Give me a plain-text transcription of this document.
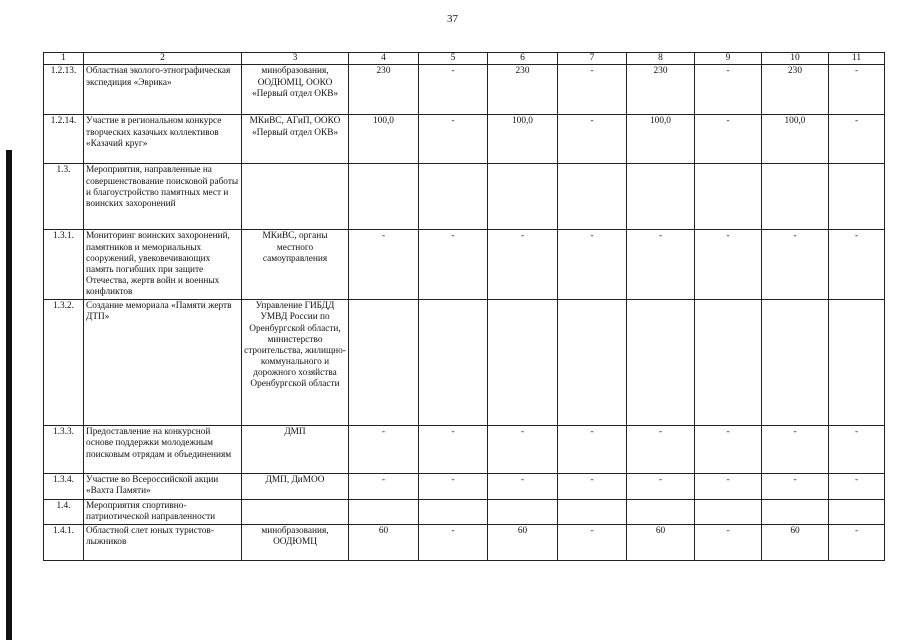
37
1	2	3	4	5	6	7	8	9	10	11
1.2.13.	Областная эколого-этнографическая экспедиция «Эврика»	минобразования, ООДЮМЦ, ООКО «Первый отдел ОКВ»	230	-	230	-	230	-	230	-
1.2.14.	Участие в региональном конкурсе творческих казачьих коллективов «Казачий круг»	МКиВС, АГиП, ООКО «Первый отдел ОКВ»	100,0	-	100,0	-	100,0	-	100,0	-
1.3.	Мероприятия, направленные на совершенствование поисковой работы и благоустройство памятных мест и воинских захоронений									
1.3.1.	Мониторинг воинских захоронений, памятников и мемориальных сооружений, увековечивающих память погибших при защите Отечества, жертв войн и военных конфликтов	МКиВС, органы местного самоуправления	-	-	-	-	-	-	-	-
1.3.2.	Создание мемориала «Памяти жертв ДТП»	Управление ГИБДД УМВД России по Оренбургской области, министерство строительства, жилищно-коммунального и дорожного хозяйства Оренбургской области								
1.3.3.	Предоставление на конкурсной основе поддержки молодежным поисковым отрядам и объединениям	ДМП	-	-	-	-	-	-	-	-
1.3.4.	Участие во Всероссийской акции «Вахта Памяти»	ДМП, ДиМОО	-	-	-	-	-	-	-	-
1.4.	Мероприятия спортивно-патриотической направленности									
1.4.1.	Областной слет юных туристов-лыжников	минобразования, ООДЮМЦ	60	-	60	-	60	-	60	-
